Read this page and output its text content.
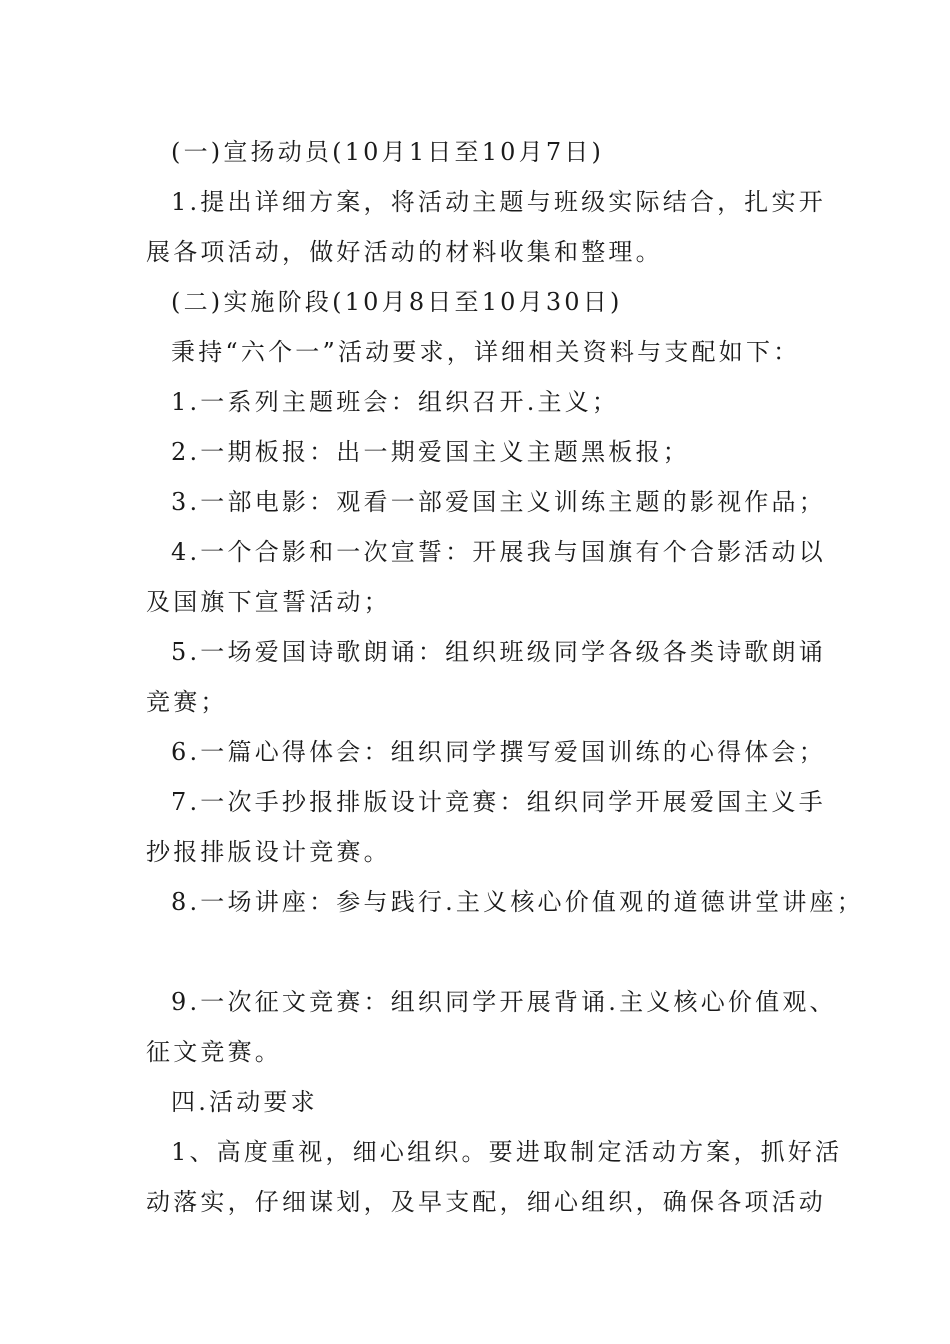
(一)宣扬动员(10月1日至10月7日)
1.提出详细方案，将活动主题与班级实际结合，扎实开
展各项活动，做好活动的材料收集和整理。
(二)实施阶段(10月8日至10月30日)
秉持“六个一”活动要求，详细相关资料与支配如下：
1.一系列主题班会：组织召开.主义；
2.一期板报：出一期爱国主义主题黑板报；
3.一部电影：观看一部爱国主义训练主题的影视作品；
4.一个合影和一次宣誓：开展我与国旗有个合影活动以
及国旗下宣誓活动；
5.一场爱国诗歌朗诵：组织班级同学各级各类诗歌朗诵
竞赛；
6.一篇心得体会：组织同学撰写爱国训练的心得体会；
7.一次手抄报排版设计竞赛：组织同学开展爱国主义手
抄报排版设计竞赛。
8.一场讲座：参与践行.主义核心价值观的道德讲堂讲座；
9.一次征文竞赛：组织同学开展背诵.主义核心价值观、
征文竞赛。
四.活动要求
1、高度重视，细心组织。要进取制定活动方案，抓好活
动落实，仔细谋划，及早支配，细心组织，确保各项活动
